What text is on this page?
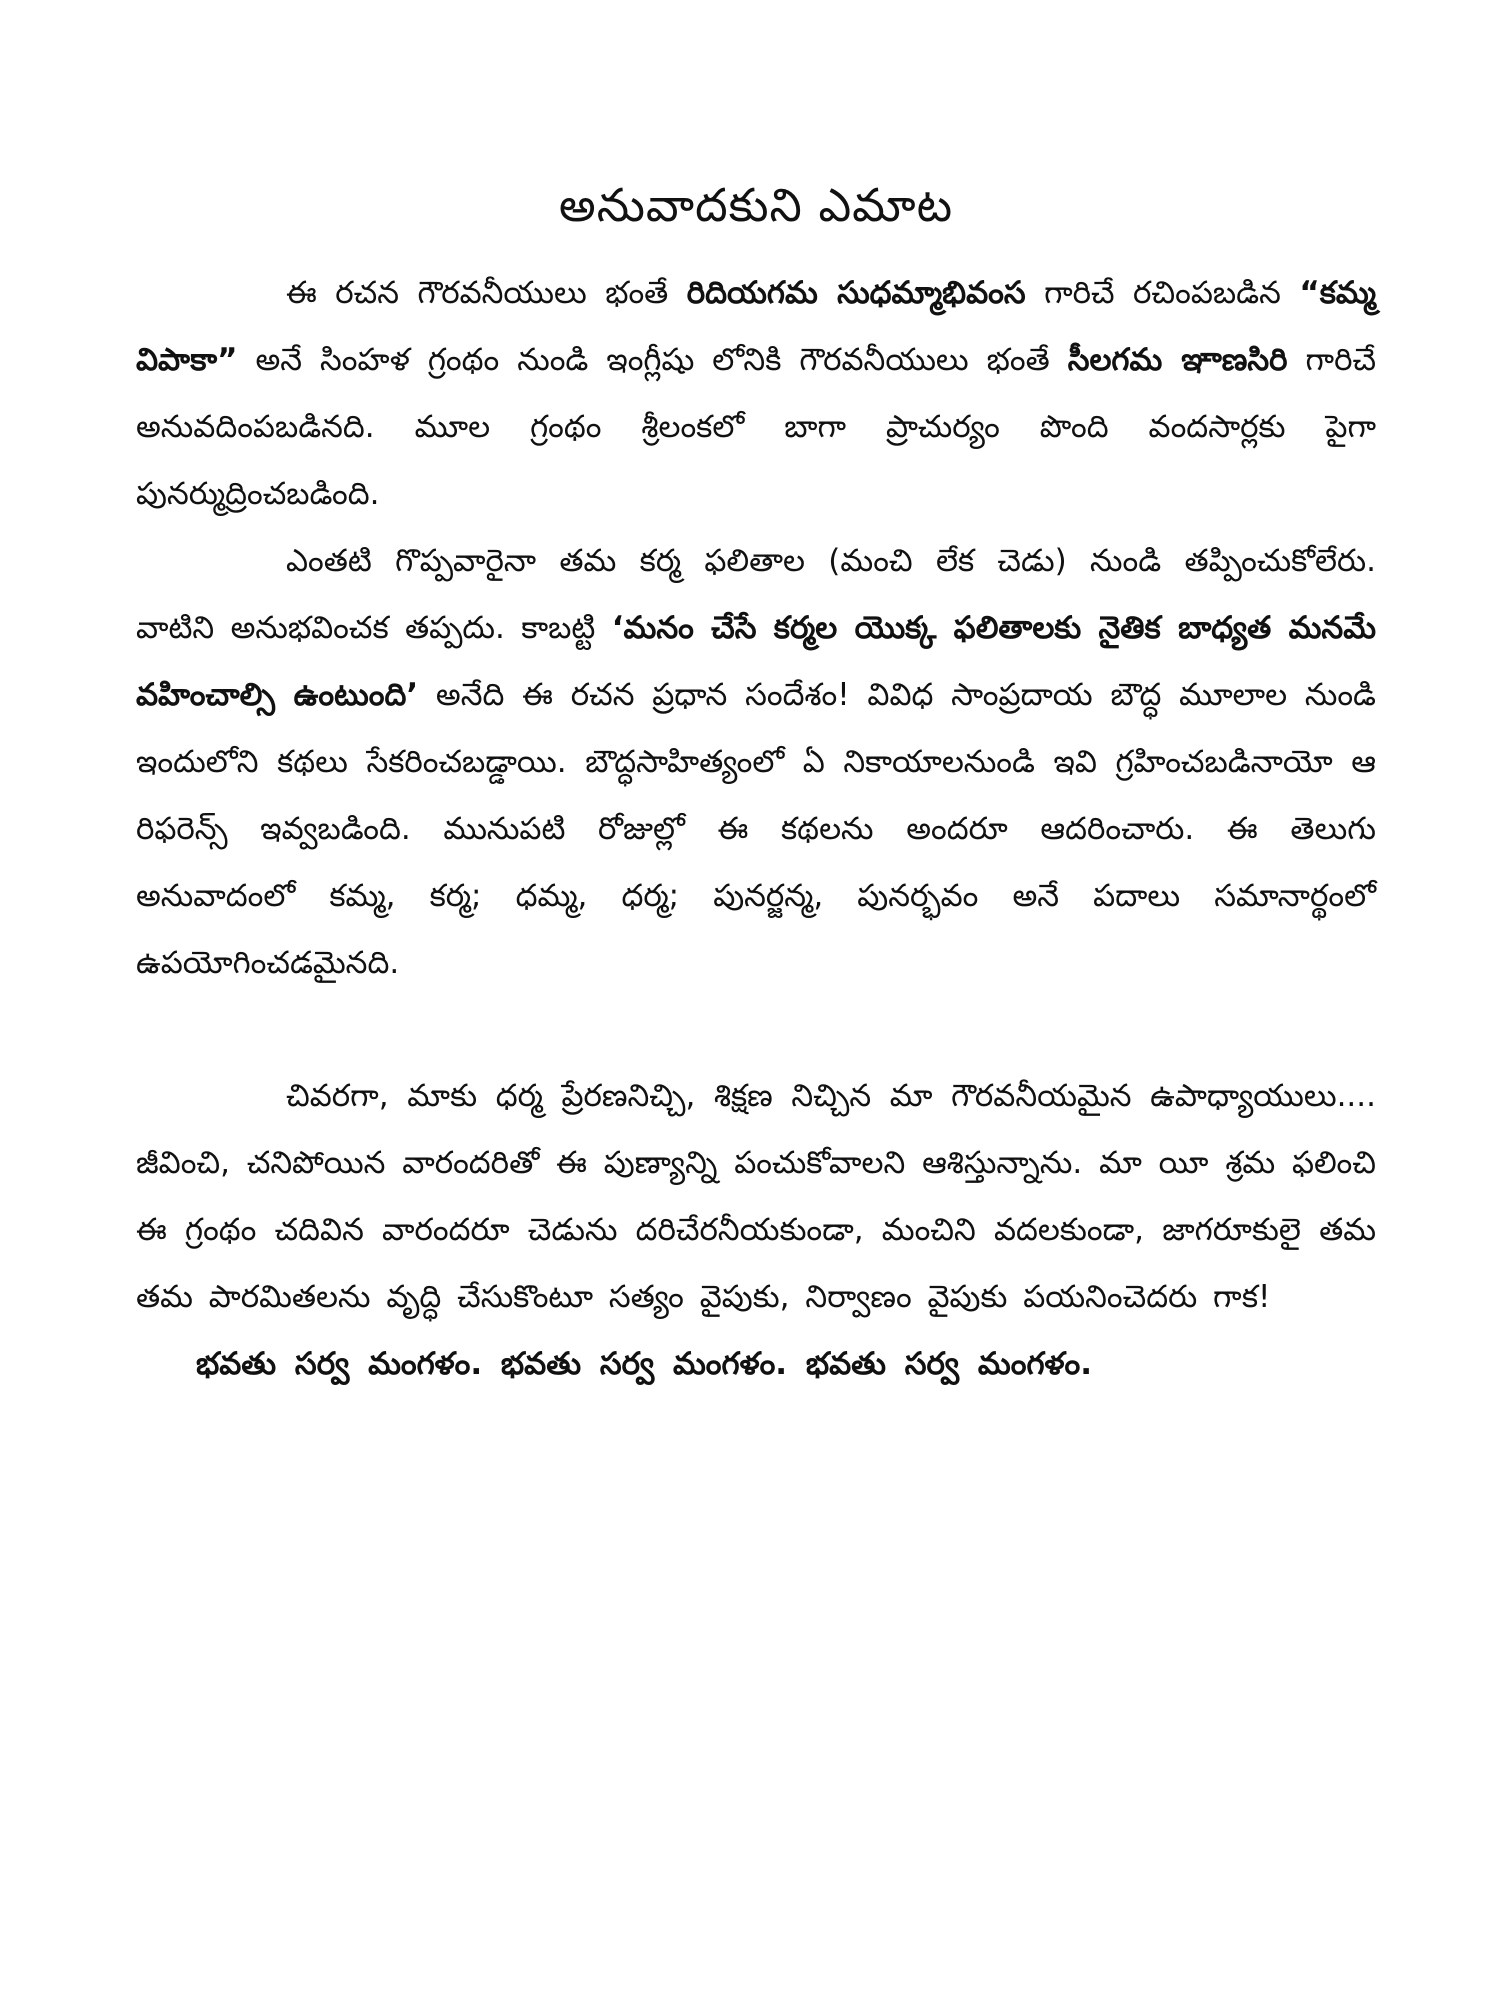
అనువాదకుని ఎమాట

ఈ రచన గౌరవనీయులు భంతే రిదియగమ సుధమ్మాభివంస గారిచే రచింపబడిన “కమ్మ విపాకా” అనే సింహళ గ్రంథం నుండి ఇంగ్లీషు లోనికి గౌరవనీయులు భంతే సీలగమ ఞాణసిరి గారిచే అనువదింపబడినది. మూల గ్రంథం శ్రీలంకలో బాగా ప్రాచుర్యం పొంది వందసార్లకు పైగా పునర్ముద్రించబడింది.

ఎంతటి గొప్పవారైనా తమ కర్మ ఫలితాల (మంచి లేక చెడు) నుండి తప్పించుకోలేరు. వాటిని అనుభవించక తప్పదు. కాబట్టి ‘మనం చేసే కర్మల యొక్క ఫలితాలకు నైతిక బాధ్యత మనమే వహించాల్సి ఉంటుంది’ అనేది ఈ రచన ప్రధాన సందేశం! వివిధ సాంప్రదాయ బౌద్ధ మూలాల నుండి ఇందులోని కథలు సేకరించబడ్డాయి. బౌద్ధసాహిత్యంలో ఏ నికాయాలనుండి ఇవి గ్రహించబడినాయో ఆ రిఫరెన్స్ ఇవ్వబడింది. మునుపటి రోజుల్లో ఈ కథలను అందరూ ఆదరించారు. ఈ తెలుగు అనువాదంలో కమ్మ, కర్మ; ధమ్మ, ధర్మ; పునర్జన్మ, పునర్భవం అనే పదాలు సమానార్థంలో ఉపయోగించడమైనది.

చివరగా, మాకు ధర్మ ప్రేరణనిచ్చి, శిక్షణ నిచ్చిన మా గౌరవనీయమైన ఉపాధ్యాయులు.... జీవించి, చనిపోయిన వారందరితో ఈ పుణ్యాన్ని పంచుకోవాలని ఆశిస్తున్నాను. మా యీ శ్రమ ఫలించి ఈ గ్రంథం చదివిన వారందరూ చెడును దరిచేరనీయకుండా, మంచిని వదలకుండా, జాగరూకులై తమ తమ పారమితలను వృద్ధి చేసుకొంటూ సత్యం వైపుకు, నిర్వాణం వైపుకు పయనించెదరు గాక!

భవతు సర్వ మంగళం. భవతు సర్వ మంగళం. భవతు సర్వ మంగళం.
